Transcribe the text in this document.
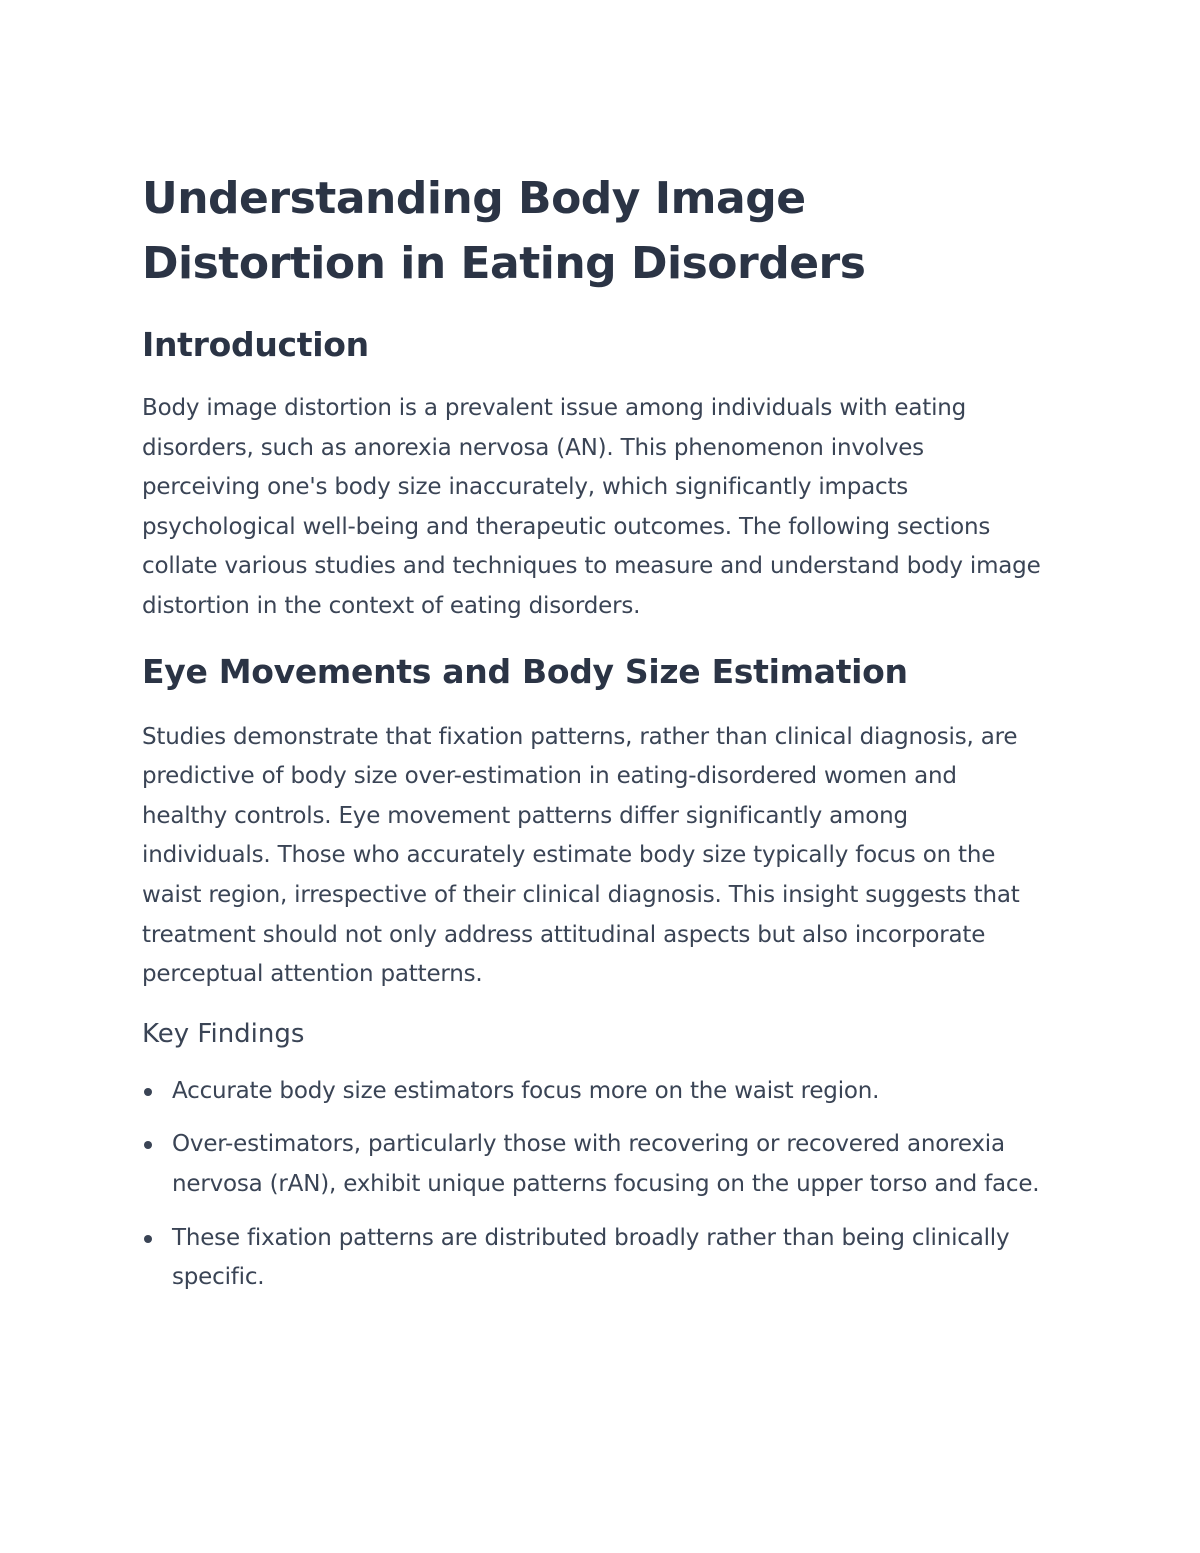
Understanding Body Image Distortion in Eating Disorders
Introduction

Body image distortion is a prevalent issue among individuals with eating disorders, such as anorexia nervosa (AN). This phenomenon involves perceiving one's body size inaccurately, which significantly impacts psychological well-being and therapeutic outcomes. The following sections collate various studies and techniques to measure and understand body image distortion in the context of eating disorders.

Eye Movements and Body Size Estimation

Studies demonstrate that fixation patterns, rather than clinical diagnosis, are predictive of body size over-estimation in eating-disordered women and healthy controls. Eye movement patterns differ significantly among individuals. Those who accurately estimate body size typically focus on the waist region, irrespective of their clinical diagnosis. This insight suggests that treatment should not only address attitudinal aspects but also incorporate perceptual attention patterns.

Key Findings
Accurate body size estimators focus more on the waist region.
Over-estimators, particularly those with recovering or recovered anorexia nervosa (rAN), exhibit unique patterns focusing on the upper torso and face.
These fixation patterns are distributed broadly rather than being clinically specific.
